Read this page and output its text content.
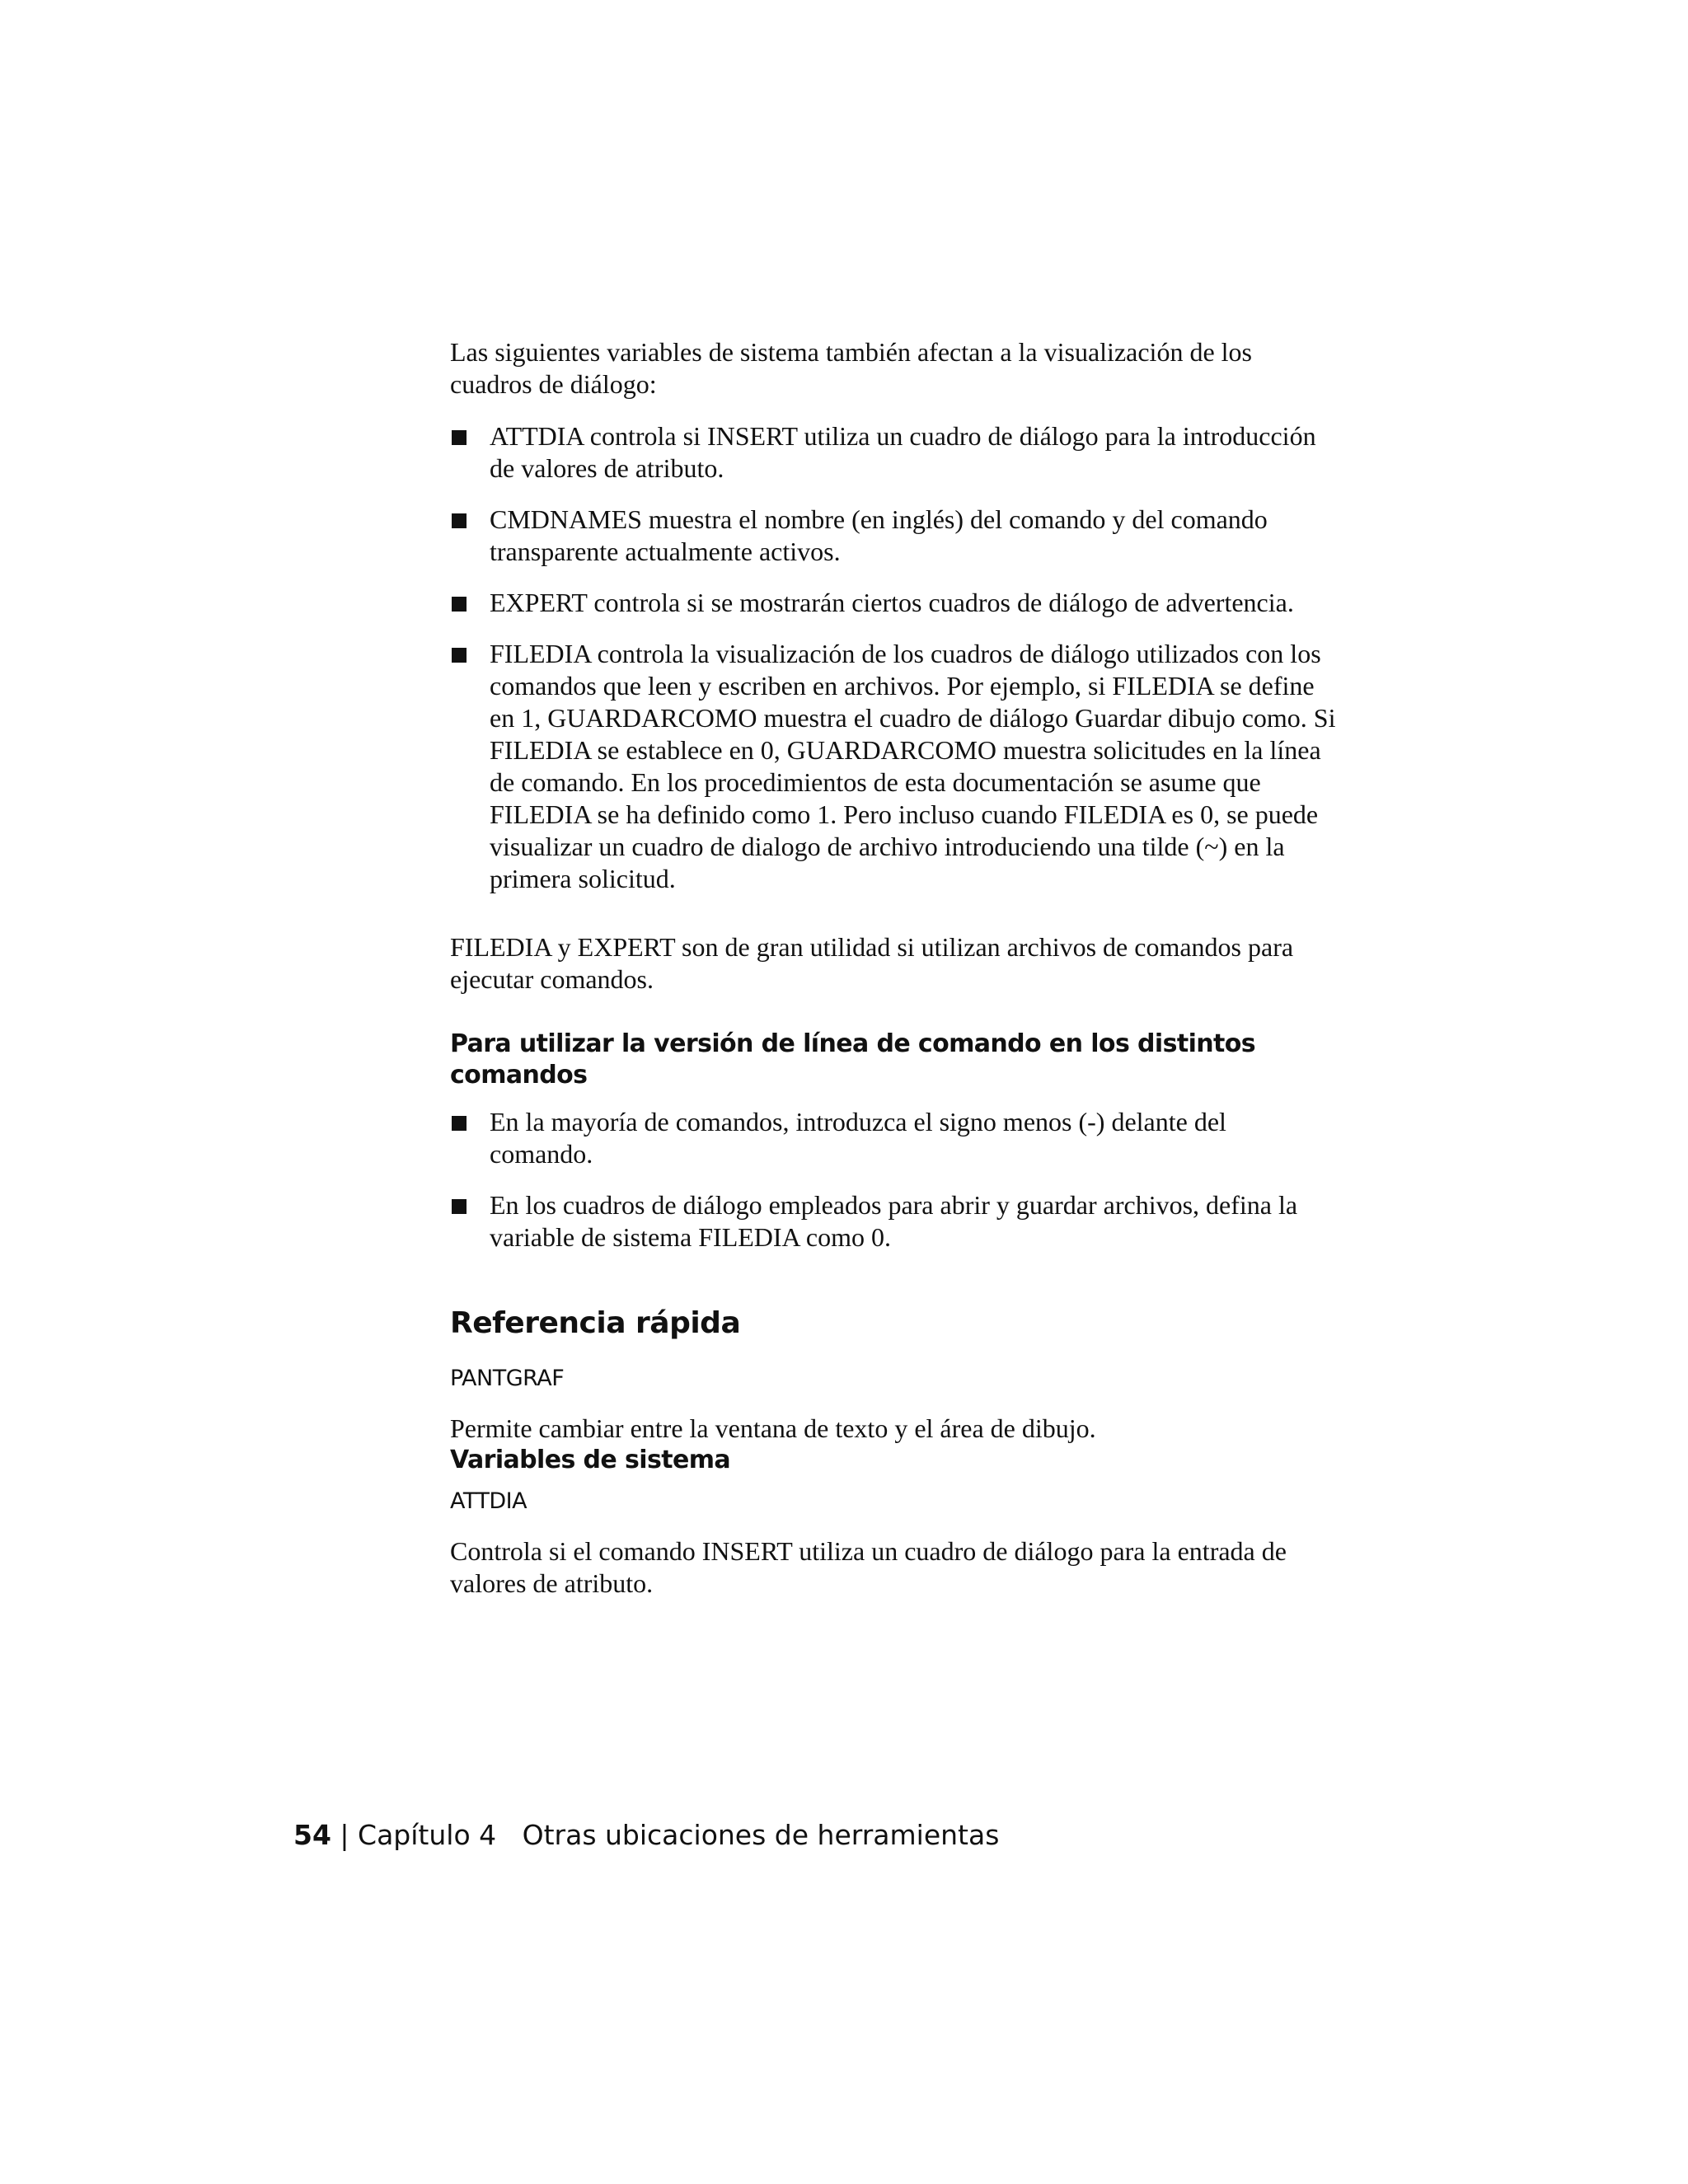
Las siguientes variables de sistema también afectan a la visualización de los cuadros de diálogo:

ATTDIA controla si INSERT utiliza un cuadro de diálogo para la introducción de valores de atributo.
CMDNAMES muestra el nombre (en inglés) del comando y del comando transparente actualmente activos.
EXPERT controla si se mostrarán ciertos cuadros de diálogo de advertencia.
FILEDIA controla la visualización de los cuadros de diálogo utilizados con los comandos que leen y escriben en archivos. Por ejemplo, si FILEDIA se define en 1, GUARDARCOMO muestra el cuadro de diálogo Guardar dibujo como. Si FILEDIA se establece en 0, GUARDARCOMO muestra solicitudes en la línea de comando. En los procedimientos de esta documentación se asume que FILEDIA se ha definido como 1. Pero incluso cuando FILEDIA es 0, se puede visualizar un cuadro de dialogo de archivo introduciendo una tilde (~) en la primera solicitud.

FILEDIA y EXPERT son de gran utilidad si utilizan archivos de comandos para ejecutar comandos.

Para utilizar la versión de línea de comando en los distintos comandos
En la mayoría de comandos, introduzca el signo menos (-) delante del comando.
En los cuadros de diálogo empleados para abrir y guardar archivos, defina la variable de sistema FILEDIA como 0.
Referencia rápida
PANTGRAF

Permite cambiar entre la ventana de texto y el área de dibujo.

Variables de sistema
ATTDIA

Controla si el comando INSERT utiliza un cuadro de diálogo para la entrada de valores de atributo.

54 | Capítulo 4 Otras ubicaciones de herramientas
